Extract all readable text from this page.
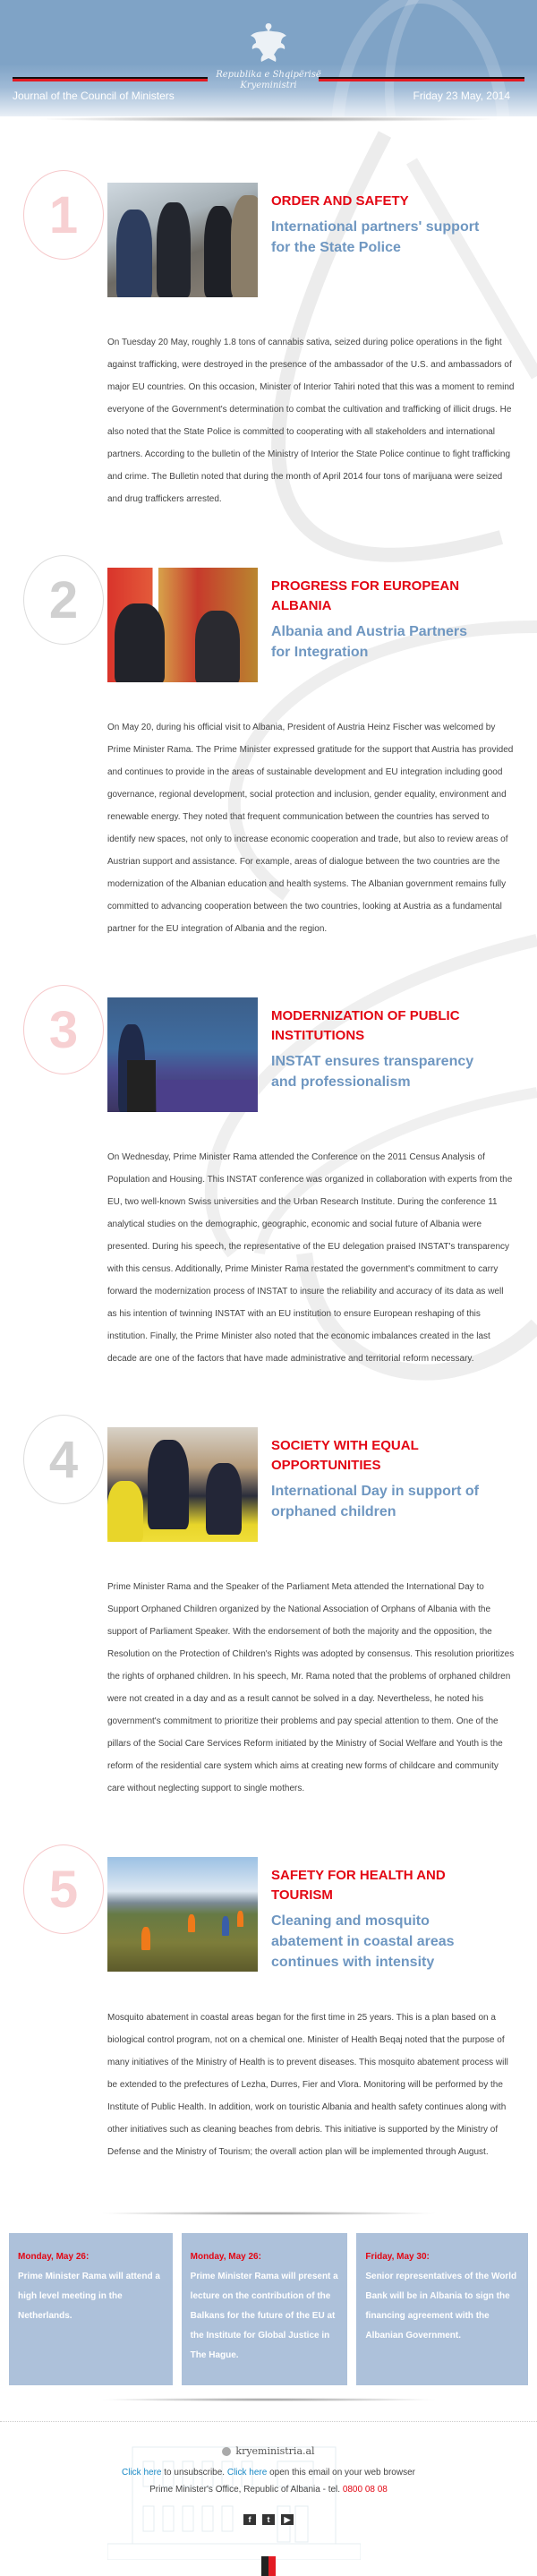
Republika e Shqipërisë
Kryeministri
Journal of the Council of Ministers	Friday 23 May, 2014
1	ORDER AND SAFETY
International partners' support for the State Police

On Tuesday 20 May, roughly 1.8 tons of cannabis sativa, seized during police operations in the fight against trafficking, were destroyed in the presence of the ambassador of the U.S. and ambassadors of major EU countries. On this occasion, Minister of Interior Tahiri noted that this was a moment to remind everyone of the Government's determination to combat the cultivation and trafficking of illicit drugs. He also noted that the State Police is committed to cooperating with all stakeholders and international partners. According to the bulletin of the Ministry of Interior the State Police continue to fight trafficking and crime. The Bulletin noted that during the month of April 2014 four tons of marijuana were seized and drug traffickers arrested.

2	PROGRESS FOR EUROPEAN ALBANIA
Albania and Austria Partners for Integration

On May 20, during his official visit to Albania, President of Austria Heinz Fischer was welcomed by Prime Minister Rama. The Prime Minister expressed gratitude for the support that Austria has provided and continues to provide in the areas of sustainable development and EU integration including good governance, regional development, social protection and inclusion, gender equality, environment and renewable energy. They noted that frequent communication between the countries has served to identify new spaces, not only to increase economic cooperation and trade, but also to review areas of Austrian support and assistance. For example, areas of dialogue between the two countries are the modernization of the Albanian education and health systems. The Albanian government remains fully committed to advancing cooperation between the two countries, looking at Austria as a fundamental partner for the EU integration of Albania and the region.

3	MODERNIZATION OF PUBLIC INSTITUTIONS
INSTAT ensures transparency and professionalism

On Wednesday, Prime Minister Rama attended the Conference on the 2011 Census Analysis of Population and Housing. This INSTAT conference was organized in collaboration with experts from the EU, two well-known Swiss universities and the Urban Research Institute. During the conference 11 analytical studies on the demographic, geographic, economic and social future of Albania were presented. During his speech, the representative of the EU delegation praised INSTAT's transparency with this census. Additionally, Prime Minister Rama restated the government's commitment to carry forward the modernization process of INSTAT to insure the reliability and accuracy of its data as well as his intention of twinning INSTAT with an EU institution to ensure European reshaping of this institution. Finally, the Prime Minister also noted that the economic imbalances created in the last decade are one of the factors that have made administrative and territorial reform necessary.

4	SOCIETY WITH EQUAL OPPORTUNITIES
International Day in support of orphaned children

Prime Minister Rama and the Speaker of the Parliament Meta attended the International Day to Support Orphaned Children organized by the National Association of Orphans of Albania with the support of Parliament Speaker. With the endorsement of both the majority and the opposition, the Resolution on the Protection of Children's Rights was adopted by consensus. This resolution prioritizes the rights of orphaned children. In his speech, Mr. Rama noted that the problems of orphaned children were not created in a day and as a result cannot be solved in a day. Nevertheless, he noted his government's commitment to prioritize their problems and pay special attention to them. One of the pillars of the Social Care Services Reform initiated by the Ministry of Social Welfare and Youth is the reform of the residential care system which aims at creating new forms of childcare and community care without neglecting support to single mothers.

5	SAFETY FOR HEALTH AND TOURISM
Cleaning and mosquito abatement in coastal areas continues with intensity

Mosquito abatement in coastal areas began for the first time in 25 years. This is a plan based on a biological control program, not on a chemical one. Minister of Health Beqaj noted that the purpose of many initiatives of the Ministry of Health is to prevent diseases. This mosquito abatement process will be extended to the prefectures of Lezha, Durres, Fier and Vlora. Monitoring will be performed by the Institute of Public Health. In addition, work on touristic Albania and health safety continues along with other initiatives such as cleaning beaches from debris. This initiative is supported by the Ministry of Defense and the Ministry of Tourism; the overall action plan will be implemented through August.

Monday, May 26:
Prime Minister Rama will attend a high level meeting in the Netherlands.
Monday, May 26:
Prime Minister Rama will present a lecture on the contribution of the Balkans for the future of the EU at the Institute for Global Justice in The Hague.
Friday, May 30:
Senior representatives of the World Bank will be in Albania to sign the financing agreement with the Albanian Government.
kryeministria.al
Click here to unsubscribe. Click here open this email on your web browser
Prime Minister's Office, Republic of Albania - tel. 0800 08 08
f	t	▶
